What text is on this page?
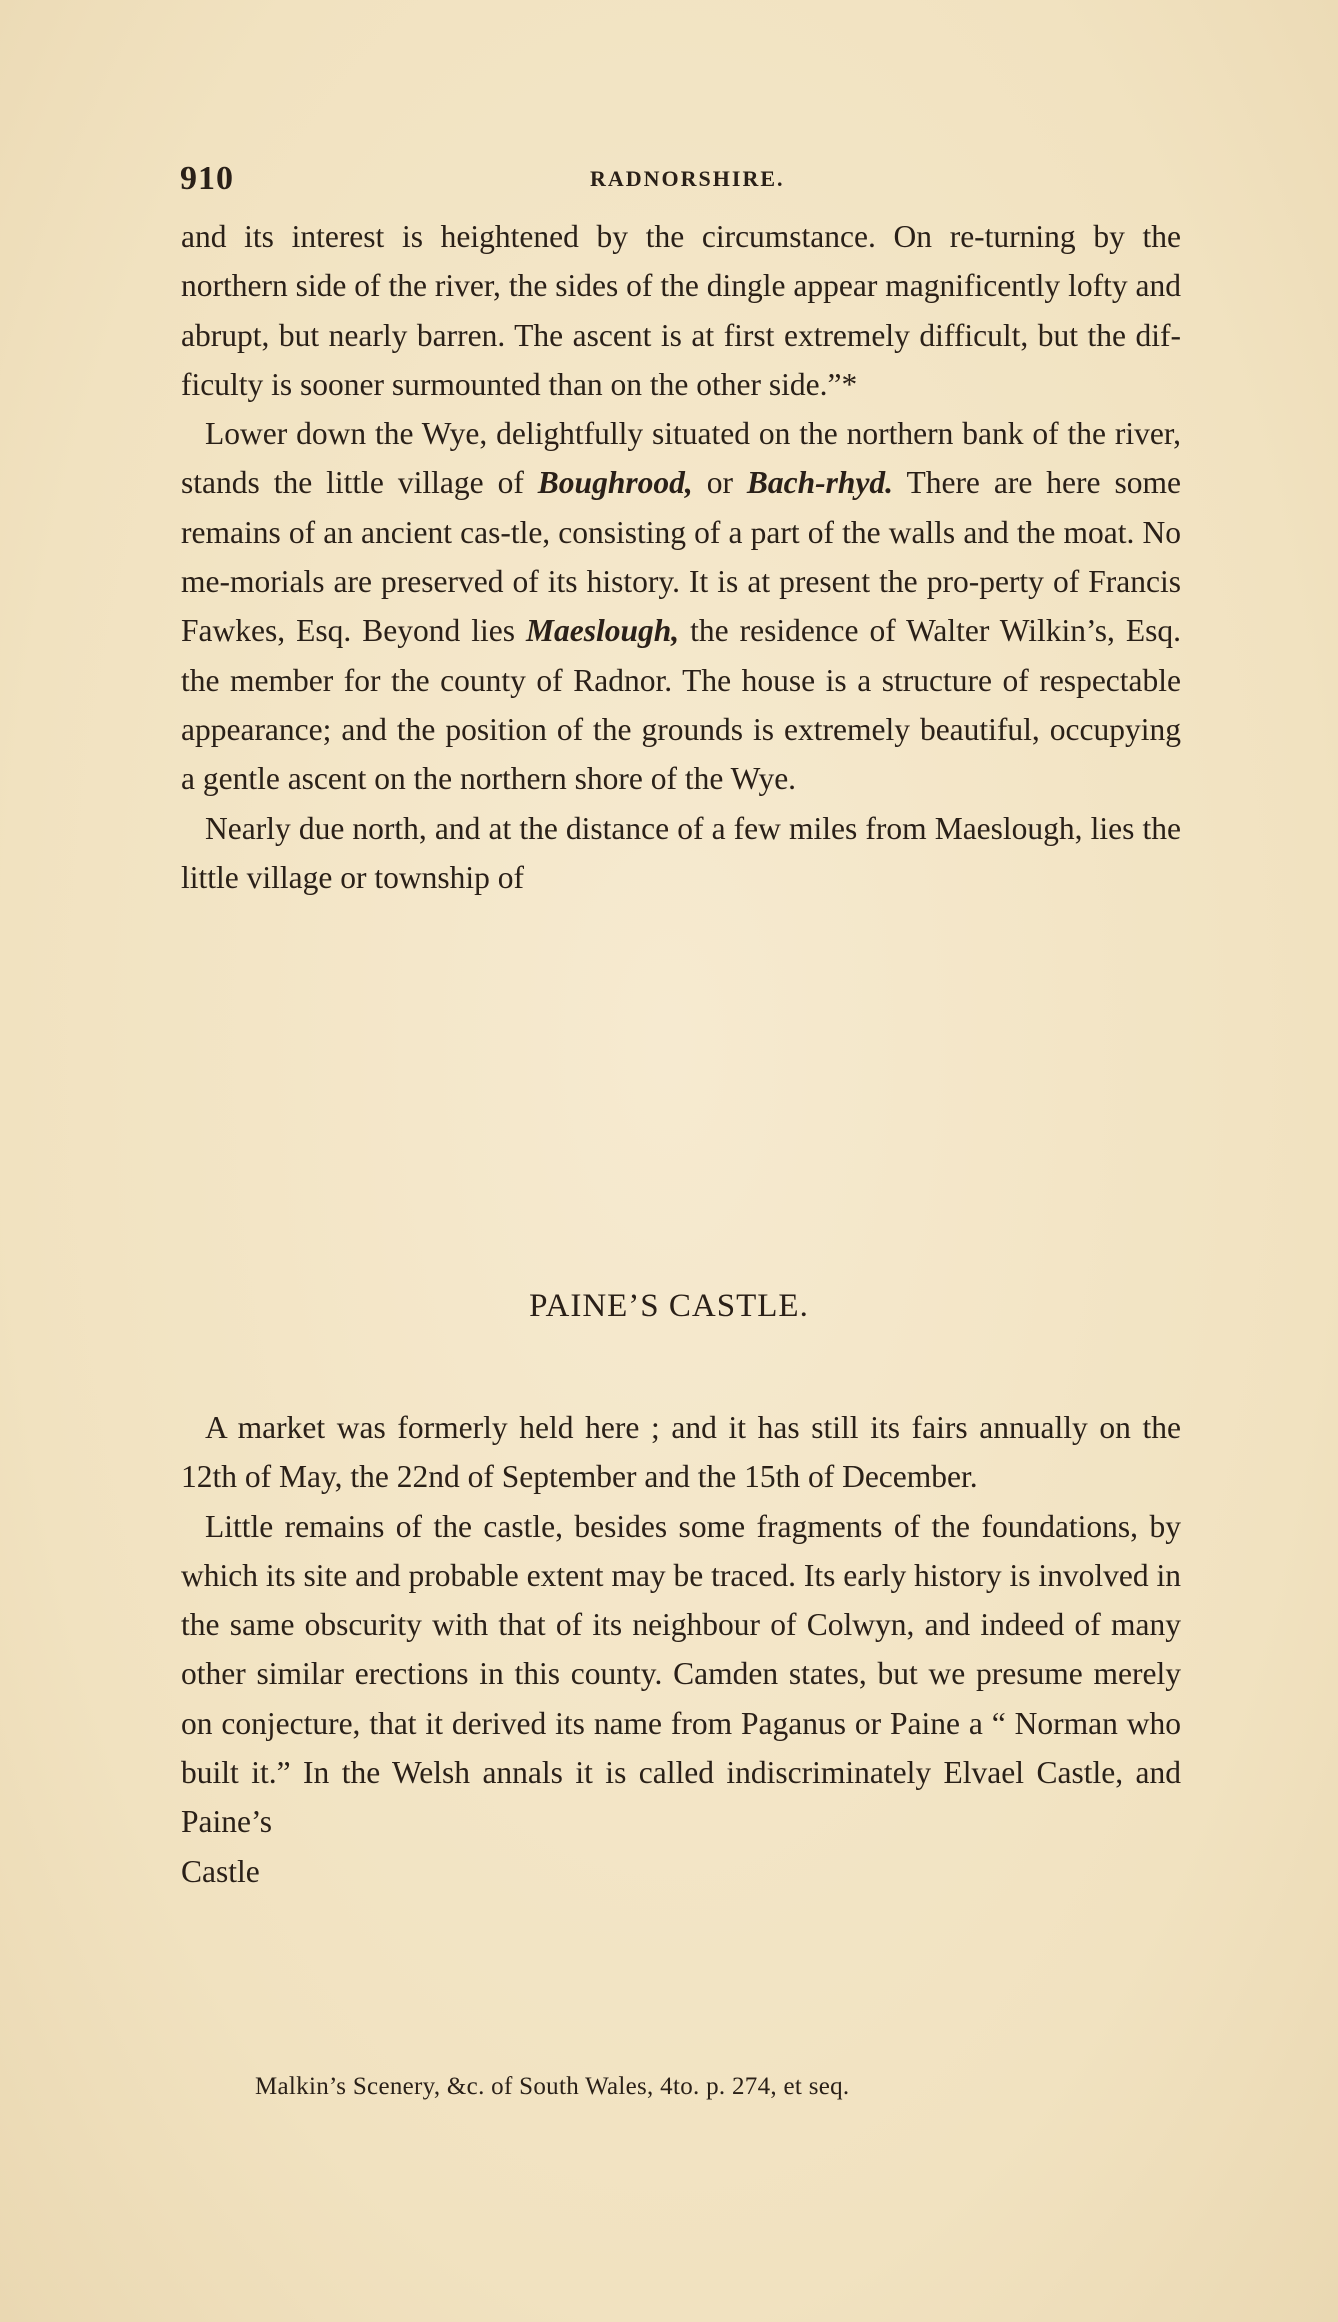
910	RADNORSHIRE.

and its interest is heightened by the circumstance. On re-turning by the northern side of the river, the sides of the dingle appear magnificently lofty and abrupt, but nearly barren. The ascent is at first extremely difficult, but the dif-ficulty is sooner surmounted than on the other side.”*

Lower down the Wye, delightfully situated on the northern bank of the river, stands the little village of Boughrood, or Bach-rhyd. There are here some remains of an ancient cas-tle, consisting of a part of the walls and the moat. No me-morials are preserved of its history. It is at present the pro-perty of Francis Fawkes, Esq. Beyond lies Maeslough, the residence of Walter Wilkin’s, Esq. the member for the county of Radnor. The house is a structure of respectable appearance; and the position of the grounds is extremely beautiful, occupying a gentle ascent on the northern shore of the Wye.

Nearly due north, and at the distance of a few miles from Maeslough, lies the little village or township of

PAINE’S CASTLE.

A market was formerly held here ; and it has still its fairs annually on the 12th of May, the 22nd of September and the 15th of December.

Little remains of the castle, besides some fragments of the foundations, by which its site and probable extent may be traced. Its early history is involved in the same obscurity with that of its neighbour of Colwyn, and indeed of many other similar erections in this county. Camden states, but we presume merely on conjecture, that it derived its name from Paganus or Paine a “ Norman who built it.” In the Welsh annals it is called indiscriminately Elvael Castle, and Paine’s

Castle

Malkin’s Scenery, &c. of South Wales, 4to. p. 274, et seq.
